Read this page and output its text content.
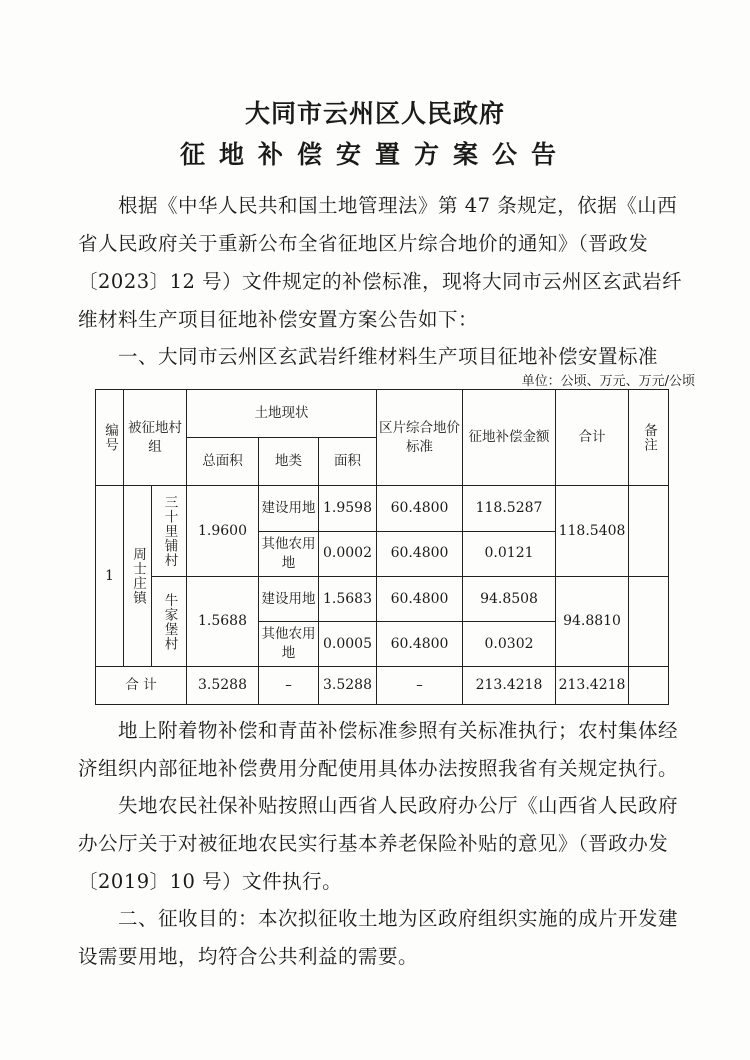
大同市云州区人民政府
征地补偿安置方案公告

根据《中华人民共和国土地管理法》第 47 条规定，依据《山西省人民政府关于重新公布全省征地区片综合地价的通知》（晋政发〔2023〕12 号）文件规定的补偿标准，现将大同市云州区玄武岩纤维材料生产项目征地补偿安置方案公告如下：

一、大同市云州区玄武岩纤维材料生产项目征地补偿安置标准

单位：公顷、万元、万元/公顷
编号	被征地村组		土地现状			区片综合地价标准	征地补偿金额	合计	备注

			总面积	地类	面积				
1	周士庄镇	三十里铺村	1.9600	建设用地	1.9598	60.4800	118.5287	118.5408	
				其他农用地	0.0002	60.4800	0.0121		

		牛家堡村	1.5688	建设用地	1.5683	60.4800	94.8508	94.8810	
				其他农用地	0.0005	60.4800	0.0302		
合 计			3.5288	–	3.5288	–	213.4218	213.4218	

地上附着物补偿和青苗补偿标准参照有关标准执行；农村集体经济组织内部征地补偿费用分配使用具体办法按照我省有关规定执行。

失地农民社保补贴按照山西省人民政府办公厅《山西省人民政府办公厅关于对被征地农民实行基本养老保险补贴的意见》（晋政办发〔2019〕10 号）文件执行。

二、征收目的：本次拟征收土地为区政府组织实施的成片开发建设需要用地，均符合公共利益的需要。
